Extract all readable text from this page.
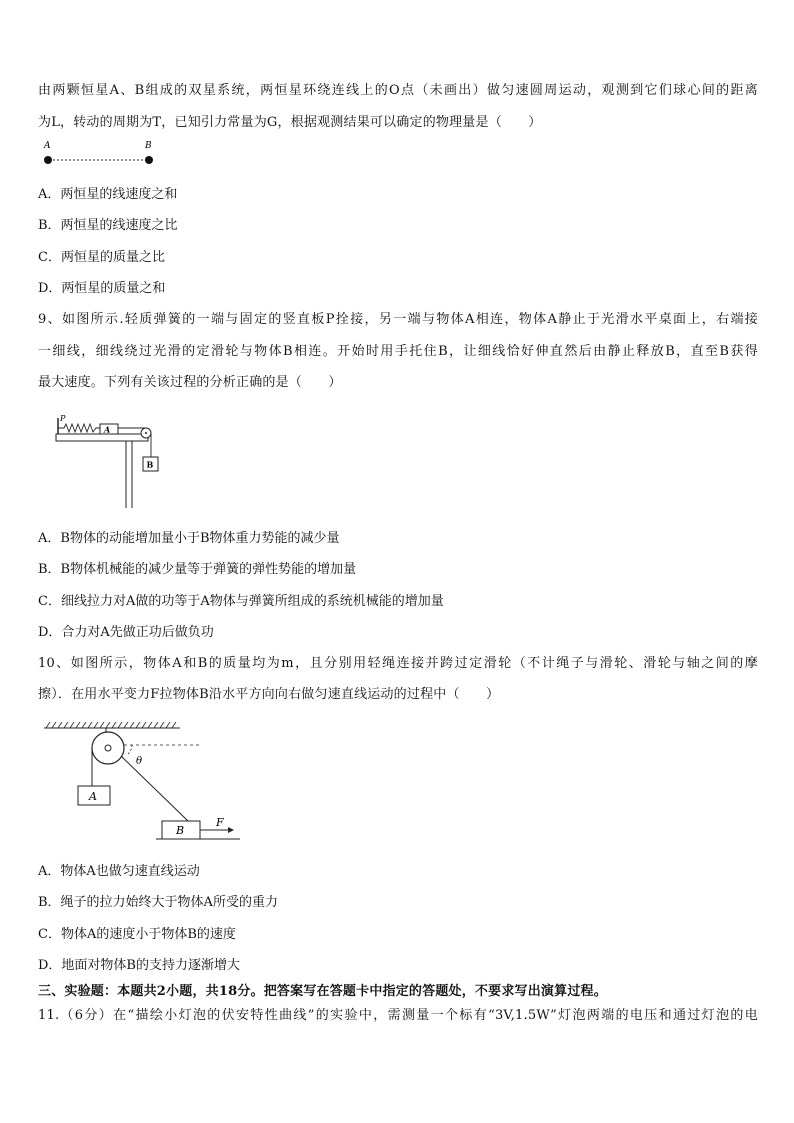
由两颗恒星A、B组成的双星系统，两恒星环绕连线上的O点（未画出）做匀速圆周运动，观测到它们球心间的距离
为L，转动的周期为T，已知引力常量为G，根据观测结果可以确定的物理量是（　　）
A	B
A．两恒星的线速度之和
B．两恒星的线速度之比
C．两恒星的质量之比
D．两恒星的质量之和
9、如图所示.轻质弹簧的一端与固定的竖直板P拴接，另一端与物体A相连，物体A静止于光滑水平桌面上，右端接
一细线，细线绕过光滑的定滑轮与物体B相连。开始时用手托住B，让细线恰好伸直然后由静止释放B，直至B获得
最大速度。下列有关该过程的分析正确的是（　　）
P
A
B
A．B物体的动能增加量小于B物体重力势能的减少量
B．B物体机械能的减少量等于弹簧的弹性势能的增加量
C．细线拉力对A做的功等于A物体与弹簧所组成的系统机械能的增加量
D．合力对A先做正功后做负功
10、如图所示，物体A和B的质量均为m，且分别用轻绳连接并跨过定滑轮（不计绳子与滑轮、滑轮与轴之间的摩
擦）．在用水平变力F拉物体B沿水平方向向右做匀速直线运动的过程中（　　）
θ
A
B
F
A．物体A也做匀速直线运动
B．绳子的拉力始终大于物体A所受的重力
C．物体A的速度小于物体B的速度
D．地面对物体B的支持力逐渐增大
三、实验题：本题共2小题，共18分。把答案写在答题卡中指定的答题处，不要求写出演算过程。
11.（6分）在“描绘小灯泡的伏安特性曲线”的实验中，需测量一个标有“3V,1.5W”灯泡两端的电压和通过灯泡的电
